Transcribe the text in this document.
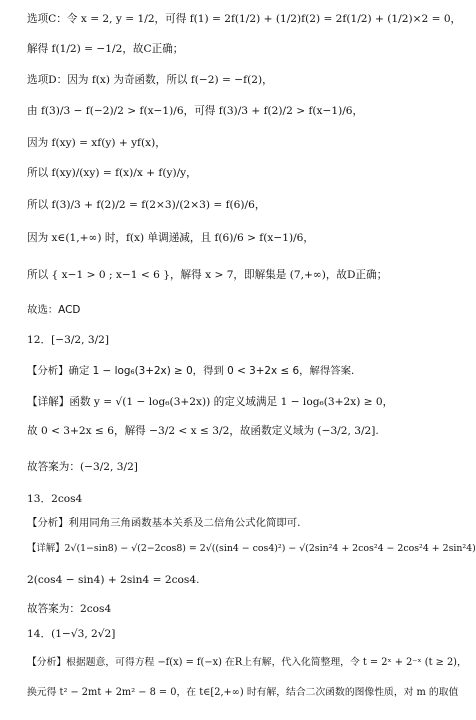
选项C：令 x = 2, y = 1/2，可得 f(1) = 2f(1/2) + (1/2)f(2) = 2f(1/2) + (1/2)×2 = 0，
解得 f(1/2) = −1/2，故C正确；
选项D：因为 f(x) 为奇函数，所以 f(−2) = −f(2)，
由 f(3)/3 − f(−2)/2 > f(x−1)/6，可得 f(3)/3 + f(2)/2 > f(x−1)/6，
因为 f(xy) = xf(y) + yf(x)，
所以 f(xy)/(xy) = f(x)/x + f(y)/y，
所以 f(3)/3 + f(2)/2 = f(2×3)/(2×3) = f(6)/6，
因为 x∈(1,+∞) 时，f(x) 单调递减，且 f(6)/6 > f(x−1)/6，
所以 { x−1 > 0 ; x−1 < 6 }，解得 x > 7，即解集是 (7,+∞)，故D正确；
故选：ACD
12．[−3/2, 3/2]
【分析】确定 1 − log₆(3+2x) ≥ 0，得到 0 < 3+2x ≤ 6，解得答案.
【详解】函数 y = √(1 − log₆(3+2x)) 的定义域满足 1 − log₆(3+2x) ≥ 0，
故 0 < 3+2x ≤ 6，解得 −3/2 < x ≤ 3/2，故函数定义域为 (−3/2, 3/2].
故答案为：(−3/2, 3/2]
13．2cos4
【分析】利用同角三角函数基本关系及二倍角公式化简即可.
【详解】2√(1−sin8) − √(2−2cos8) = 2√((sin4 − cos4)²) − √(2sin²4 + 2cos²4 − 2cos²4 + 2sin²4)
2(cos4 − sin4) + 2sin4 = 2cos4.
故答案为：2cos4
14．(1−√3, 2√2]
【分析】根据题意，可得方程 −f(x) = f(−x) 在R上有解，代入化简整理，令 t = 2ˣ + 2⁻ˣ (t ≥ 2)，
换元得 t² − 2mt + 2m² − 8 = 0，在 t∈[2,+∞) 时有解，结合二次函数的图像性质，对 m 的取值
